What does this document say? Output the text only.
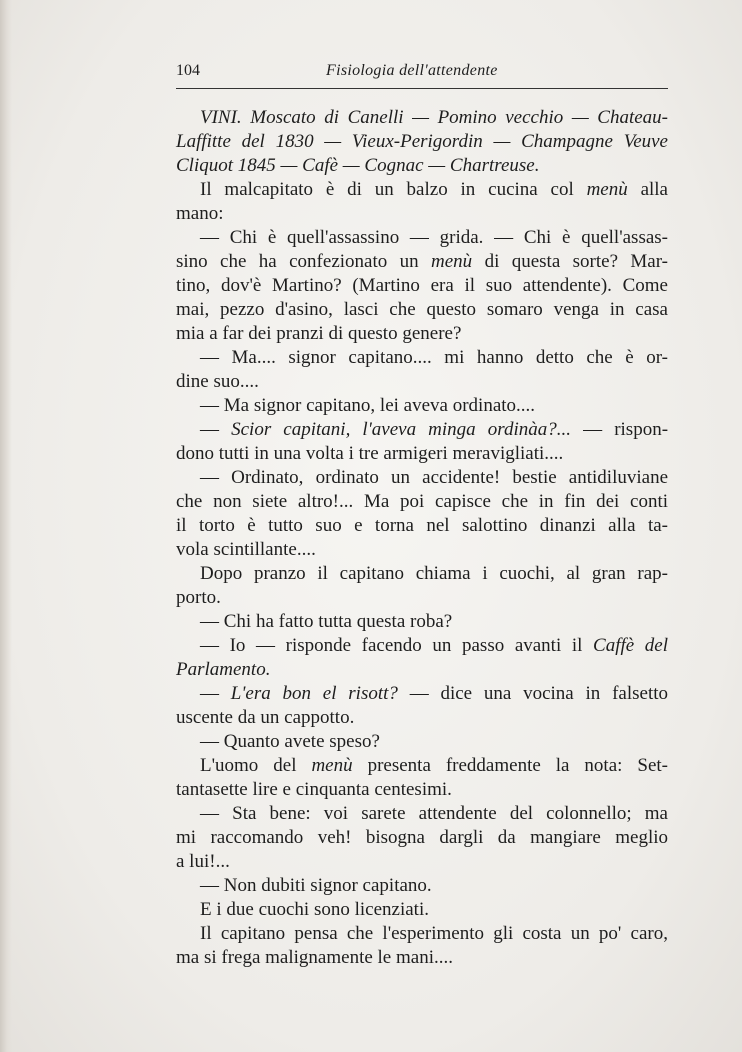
104	Fisiologia dell'attendente
VINI. Moscato di Canelli — Pomino vecchio — Chateau-
Laffitte del 1830 — Vieux-Perigordin — Champagne Veuve
Cliquot 1845 — Cafè — Cognac — Chartreuse.
Il malcapitato è di un balzo in cucina col menù alla
mano:
— Chi è quell'assassino — grida. — Chi è quell'assas-
sino che ha confezionato un menù di questa sorte? Mar-
tino, dov'è Martino? (Martino era il suo attendente). Come
mai, pezzo d'asino, lasci che questo somaro venga in casa
mia a far dei pranzi di questo genere?
— Ma.... signor capitano.... mi hanno detto che è or-
dine suo....
— Ma signor capitano, lei aveva ordinato....
— Scior capitani, l'aveva minga ordinàa?... — rispon-
dono tutti in una volta i tre armigeri meravigliati....
— Ordinato, ordinato un accidente! bestie antidiluviane
che non siete altro!... Ma poi capisce che in fin dei conti
il torto è tutto suo e torna nel salottino dinanzi alla ta-
vola scintillante....
Dopo pranzo il capitano chiama i cuochi, al gran rap-
porto.
— Chi ha fatto tutta questa roba?
— Io — risponde facendo un passo avanti il Caffè del
Parlamento.
— L'era bon el risott? — dice una vocina in falsetto
uscente da un cappotto.
— Quanto avete speso?
L'uomo del menù presenta freddamente la nota: Set-
tantasette lire e cinquanta centesimi.
— Sta bene: voi sarete attendente del colonnello; ma
mi raccomando veh! bisogna dargli da mangiare meglio
a lui!...
— Non dubiti signor capitano.
E i due cuochi sono licenziati.
Il capitano pensa che l'esperimento gli costa un po' caro,
ma si frega malignamente le mani....
